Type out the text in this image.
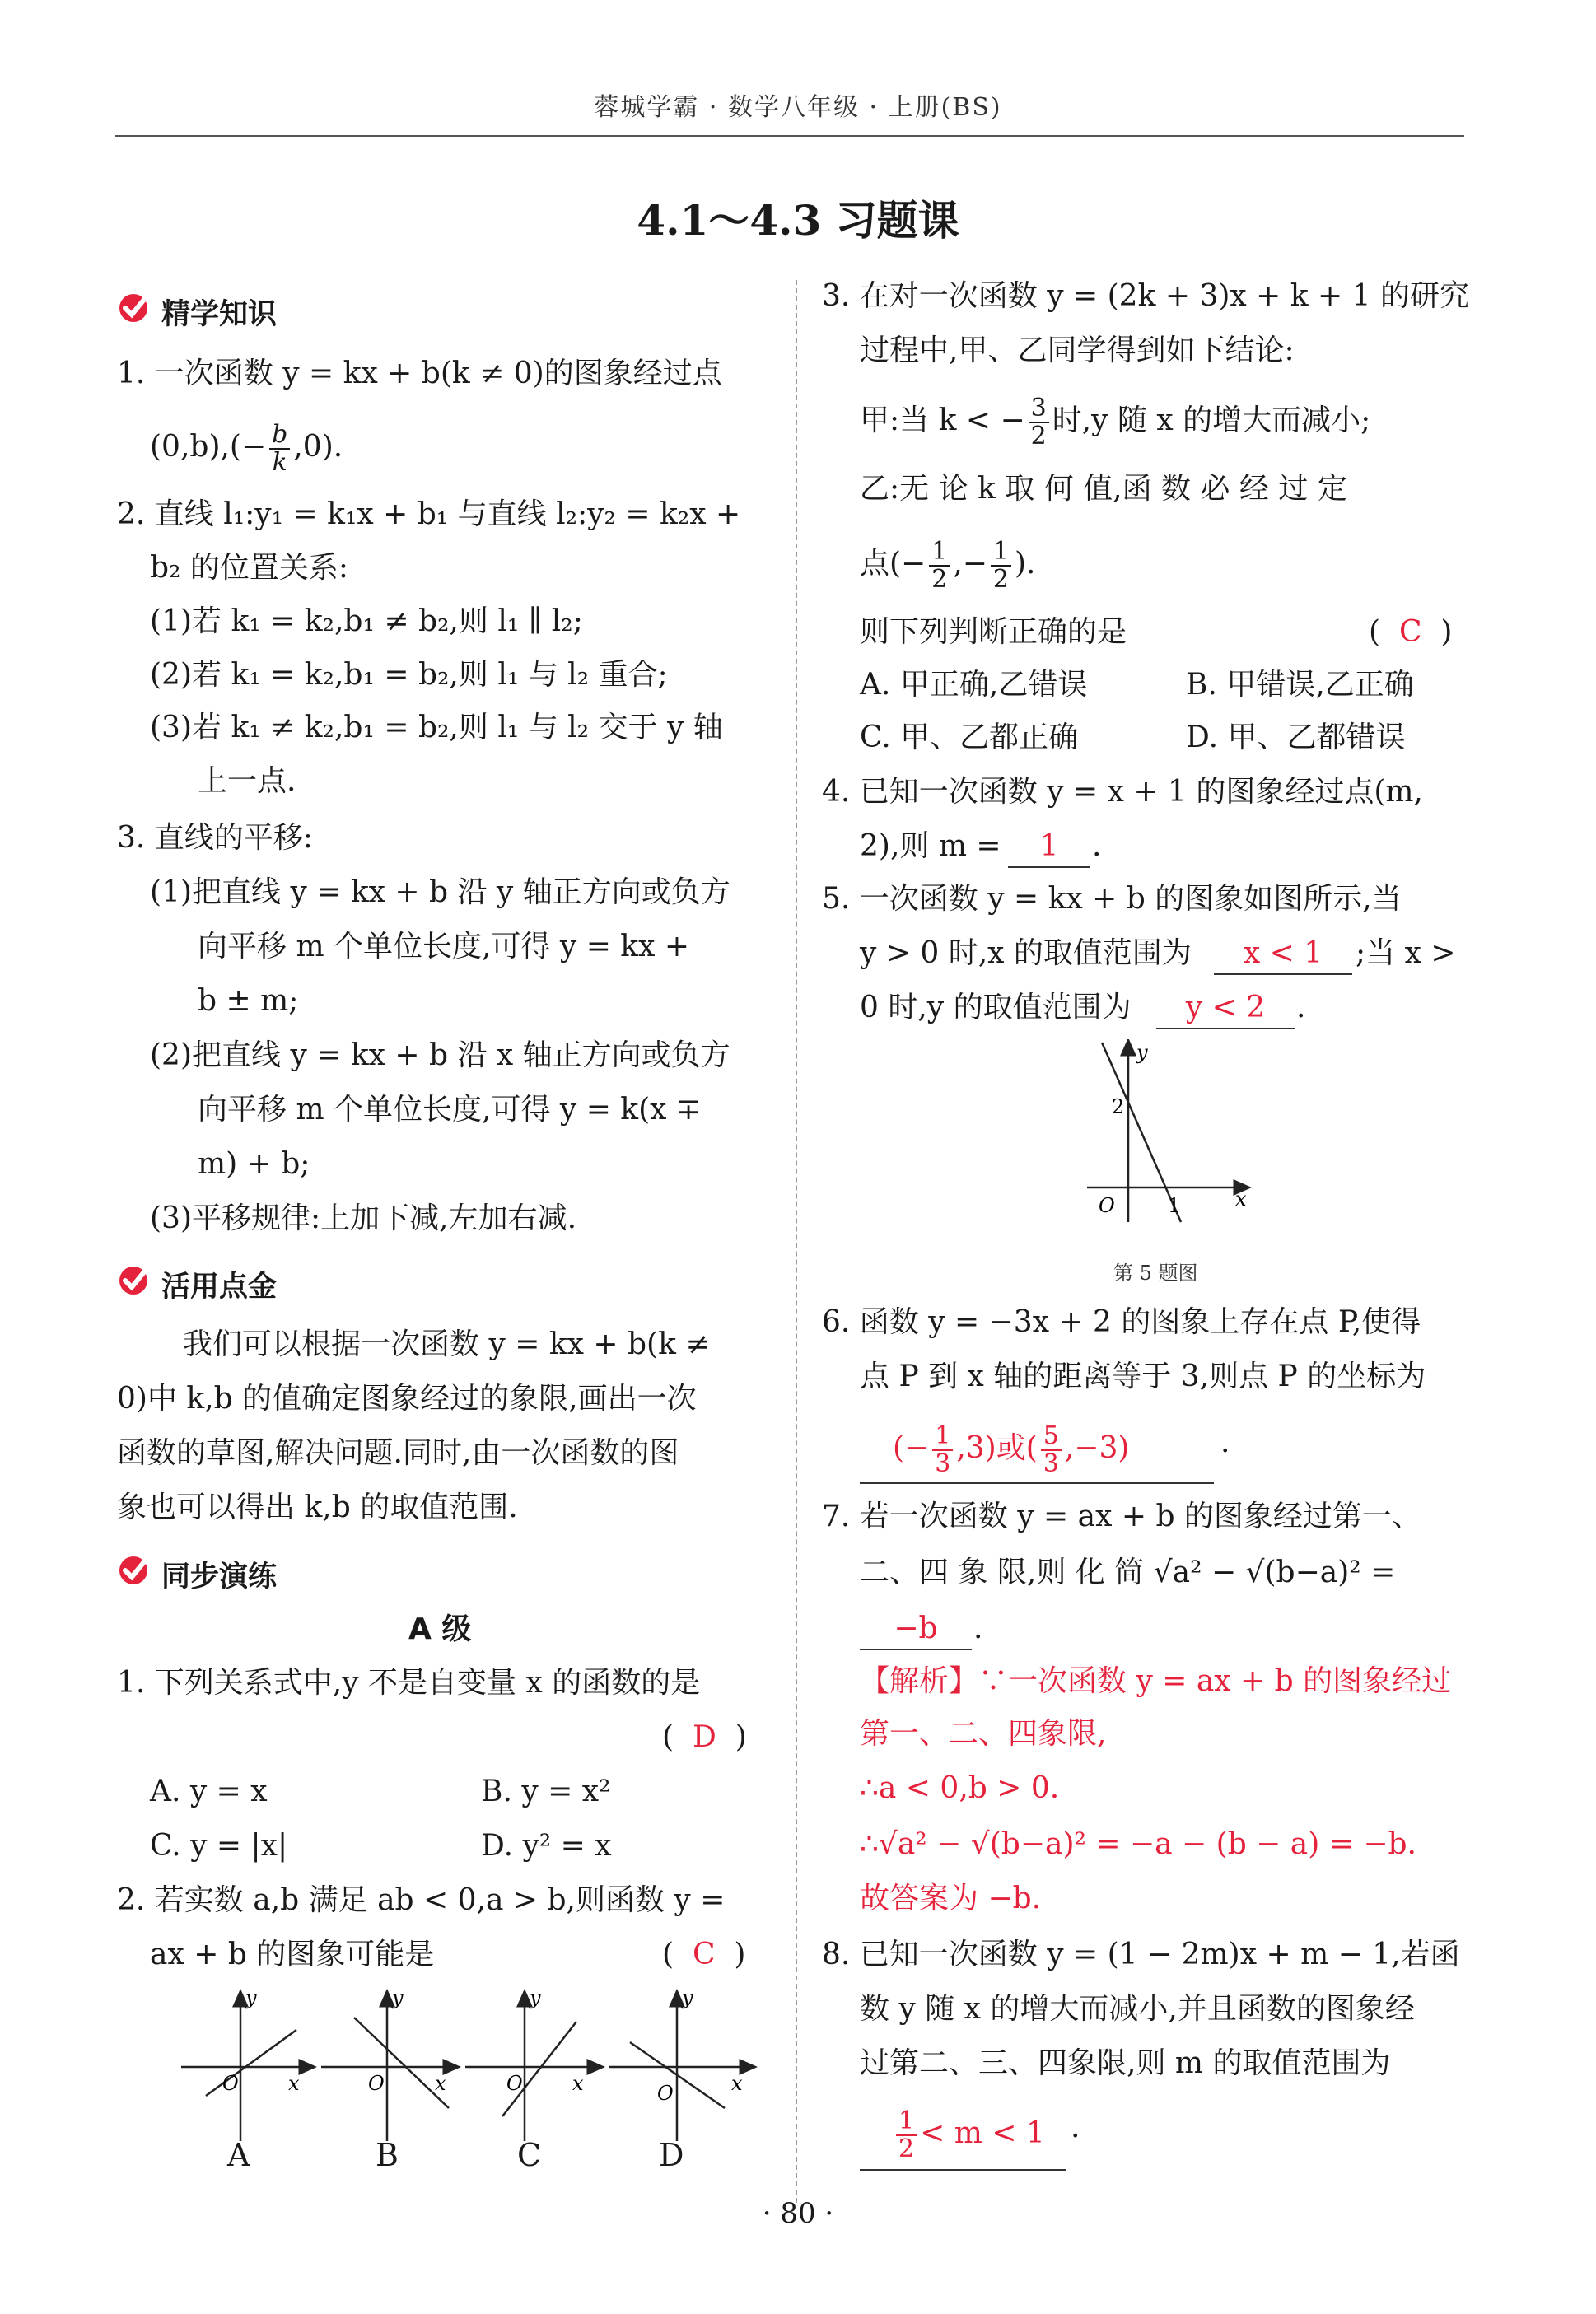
蓉城学霸 · 数学八年级 · 上册(BS)
4.1～4.3 习题课
精学知识
1. 一次函数 y = kx + b(k ≠ 0)的图象经过点
$(0,b),(- \frac{b}{k} ,0)$.
2. 直线 l₁:y₁ = k₁x + b₁ 与直线 l₂:y₂ = k₂x +
b₂ 的位置关系:
(1)若 k₁ = k₂,b₁ ≠ b₂,则 l₁ ∥ l₂;
(2)若 k₁ = k₂,b₁ = b₂,则 l₁ 与 l₂ 重合;
(3)若 k₁ ≠ k₂,b₁ = b₂,则 l₁ 与 l₂ 交于 y 轴
上一点.
3. 直线的平移:
(1)把直线 y = kx + b 沿 y 轴正方向或负方
向平移 m 个单位长度,可得 y = kx +
b ± m;
(2)把直线 y = kx + b 沿 x 轴正方向或负方
向平移 m 个单位长度,可得 y = k(x ∓
m) + b;
(3)平移规律:上加下减,左加右减.
活用点金
我们可以根据一次函数 y = kx + b(k ≠
0)中 k,b 的值确定图象经过的象限,画出一次
函数的草图,解决问题.同时,由一次函数的图
象也可以得出 k,b 的取值范围.
同步演练
A 级
1. 下列关系式中,y 不是自变量 x 的函数的是
(  D  )
A. y = x	B. y = x²
C. y = |x|	D. y² = x
2. 若实数 a,b 满足 ab < 0,a > b,则函数 y =
ax + b 的图象可能是	(  C  )
y
x
O
y
x
O
y
x
O
y
x
O
A	B	C	D
3. 在对一次函数 y = (2k + 3)x + k + 1 的研究
过程中,甲、乙同学得到如下结论:
甲:当 k < − $\frac{3}{2}$ 时,y 随 x 的增大而减小;
乙:无 论 k 取 何 值,函 数 必 经 过 定
点(− $\frac{1}{2}$ ,− $\frac{1}{2}$ ).
则下列判断正确的是	(  C  )
A. 甲正确,乙错误	B. 甲错误,乙正确
C. 甲、乙都正确	D. 甲、乙都错误
4. 已知一次函数 y = x + 1 的图象经过点(m,
2),则 m =	1	.
5. 一次函数 y = kx + b 的图象如图所示,当
y > 0 时,x 的取值范围为	x < 1	;当 x >
0 时,y 的取值范围为	y < 2	.
y
x
O
2
1
第 5 题图
6. 函数 y = −3x + 2 的图象上存在点 P,使得
点 P 到 x 轴的距离等于 3,则点 P 的坐标为
(− $\frac{1}{3} ,3$)或( $\frac{5}{3} ,-3$)	.
7. 若一次函数 y = ax + b 的图象经过第一、
二、四 象 限,则 化 简 √a² − √(b−a)² =
−b	.
【解析】∵一次函数 y = ax + b 的图象经过
第一、二、四象限,
∴a < 0,b > 0.
∴√a² − √(b−a)² = −a − (b − a) = −b.
故答案为 −b.
8. 已知一次函数 y = (1 − 2m)x + m − 1,若函
数 y 随 x 的增大而减小,并且函数的图象经
过第二、三、四象限,则 m 的取值范围为
$\frac{1}{2} < m < 1$ .
· 80 ·
